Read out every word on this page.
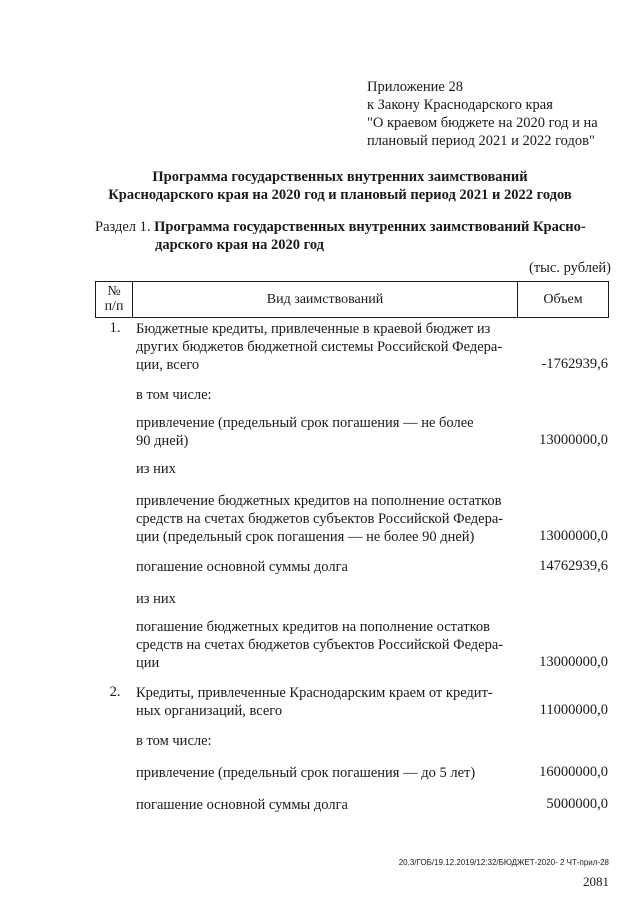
Приложение 28
к Закону Краснодарского края
"О краевом бюджете на 2020 год и на
плановый период 2021 и 2022 годов"
Программа государственных внутренних заимствований
Краснодарского края на 2020 год и плановый период 2021 и 2022 годов
Раздел 1. Программа государственных внутренних заимствований Красно-
дарского края на 2020 год
(тыс. рублей)
№
п/п	Вид заимствований	Объем
1.	Бюджетные кредиты, привлеченные в краевой бюджет из
других бюджетов бюджетной системы Российской Федера-
ции, всего	-1762939,6
в том числе:
привлечение (предельный срок погашения — не более
90 дней)	13000000,0
из них
привлечение бюджетных кредитов на пополнение остатков
средств на счетах бюджетов субъектов Российской Федера-
ции (предельный срок погашения — не более 90 дней)	13000000,0
погашение основной суммы долга	14762939,6
из них
погашение бюджетных кредитов на пополнение остатков
средств на счетах бюджетов субъектов Российской Федера-
ции	13000000,0
2.	Кредиты, привлеченные Краснодарским краем от кредит-
ных организаций, всего	11000000,0
в том числе:
привлечение (предельный срок погашения — до 5 лет)	16000000,0
погашение основной суммы долга	5000000,0
20.3/ГОБ/19.12.2019/12:32/БЮДЖЕТ-2020- 2 ЧТ-прил-28
2081
